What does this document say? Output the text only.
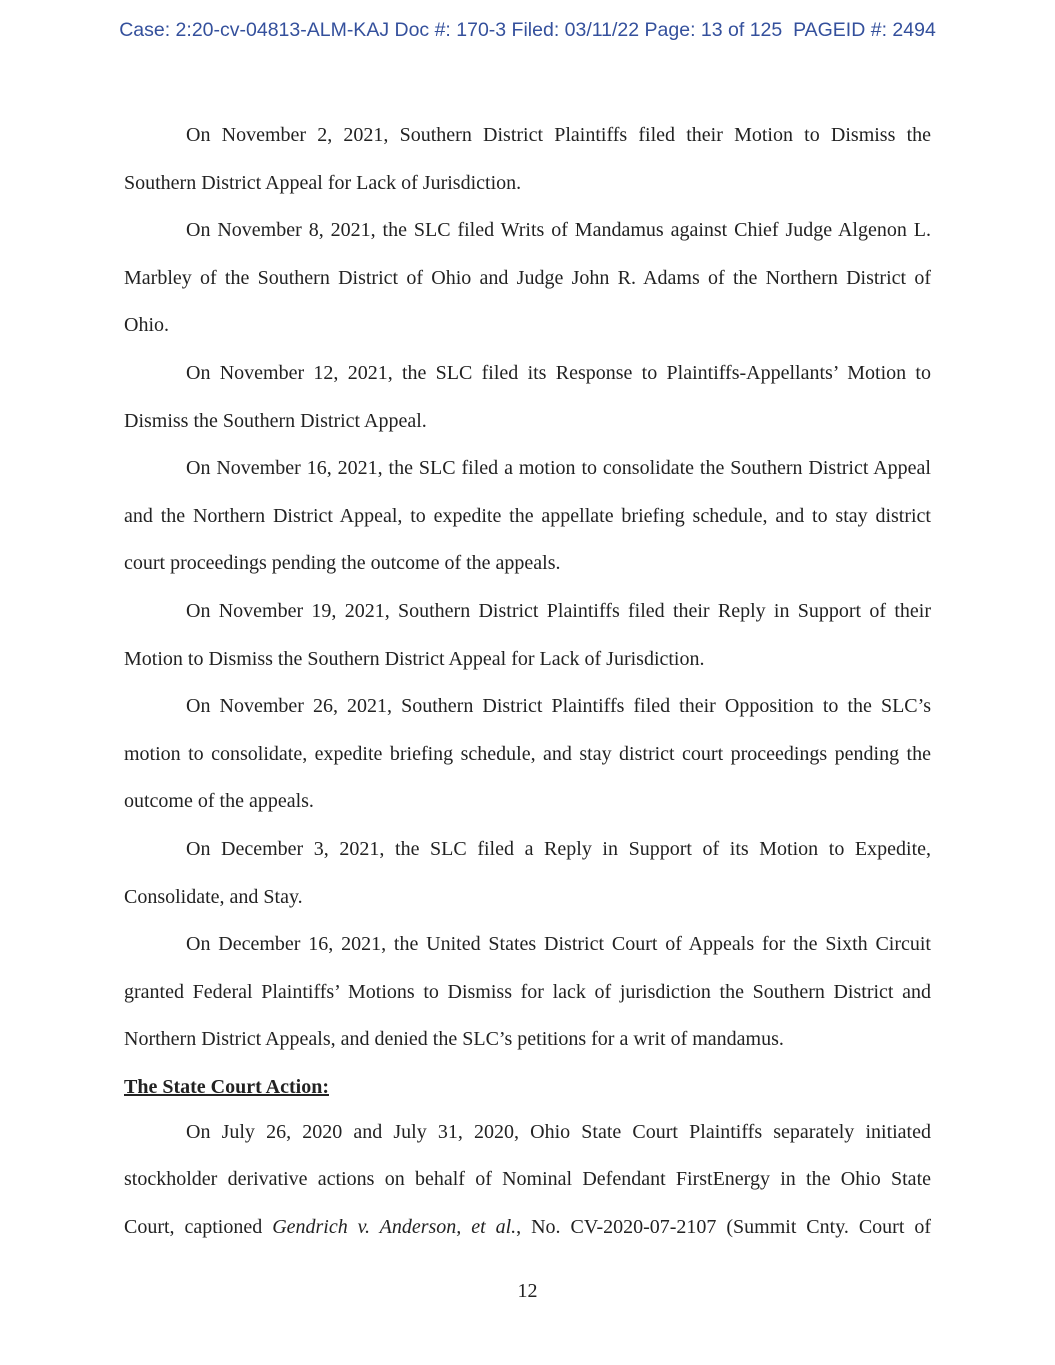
Case: 2:20-cv-04813-ALM-KAJ Doc #: 170-3 Filed: 03/11/22 Page: 13 of 125  PAGEID #: 2494
On November 2, 2021, Southern District Plaintiffs filed their Motion to Dismiss the
Southern District Appeal for Lack of Jurisdiction.
On November 8, 2021, the SLC filed Writs of Mandamus against Chief Judge Algenon L.
Marbley of the Southern District of Ohio and Judge John R. Adams of the Northern District of
Ohio.
On November 12, 2021, the SLC filed its Response to Plaintiffs-Appellants’ Motion to
Dismiss the Southern District Appeal.
On November 16, 2021, the SLC filed a motion to consolidate the Southern District Appeal
and the Northern District Appeal, to expedite the appellate briefing schedule, and to stay district
court proceedings pending the outcome of the appeals.
On November 19, 2021, Southern District Plaintiffs filed their Reply in Support of their
Motion to Dismiss the Southern District Appeal for Lack of Jurisdiction.
On November 26, 2021, Southern District Plaintiffs filed their Opposition to the SLC’s
motion to consolidate, expedite briefing schedule, and stay district court proceedings pending the
outcome of the appeals.
On December 3, 2021, the SLC filed a Reply in Support of its Motion to Expedite,
Consolidate, and Stay.
On December 16, 2021, the United States District Court of Appeals for the Sixth Circuit
granted Federal Plaintiffs’ Motions to Dismiss for lack of jurisdiction the Southern District and
Northern District Appeals, and denied the SLC’s petitions for a writ of mandamus.
The State Court Action:
On July 26, 2020 and July 31, 2020, Ohio State Court Plaintiffs separately initiated
stockholder derivative actions on behalf of Nominal Defendant FirstEnergy in the Ohio State
Court, captioned Gendrich v. Anderson, et al., No. CV-2020-07-2107 (Summit Cnty. Court of
12
